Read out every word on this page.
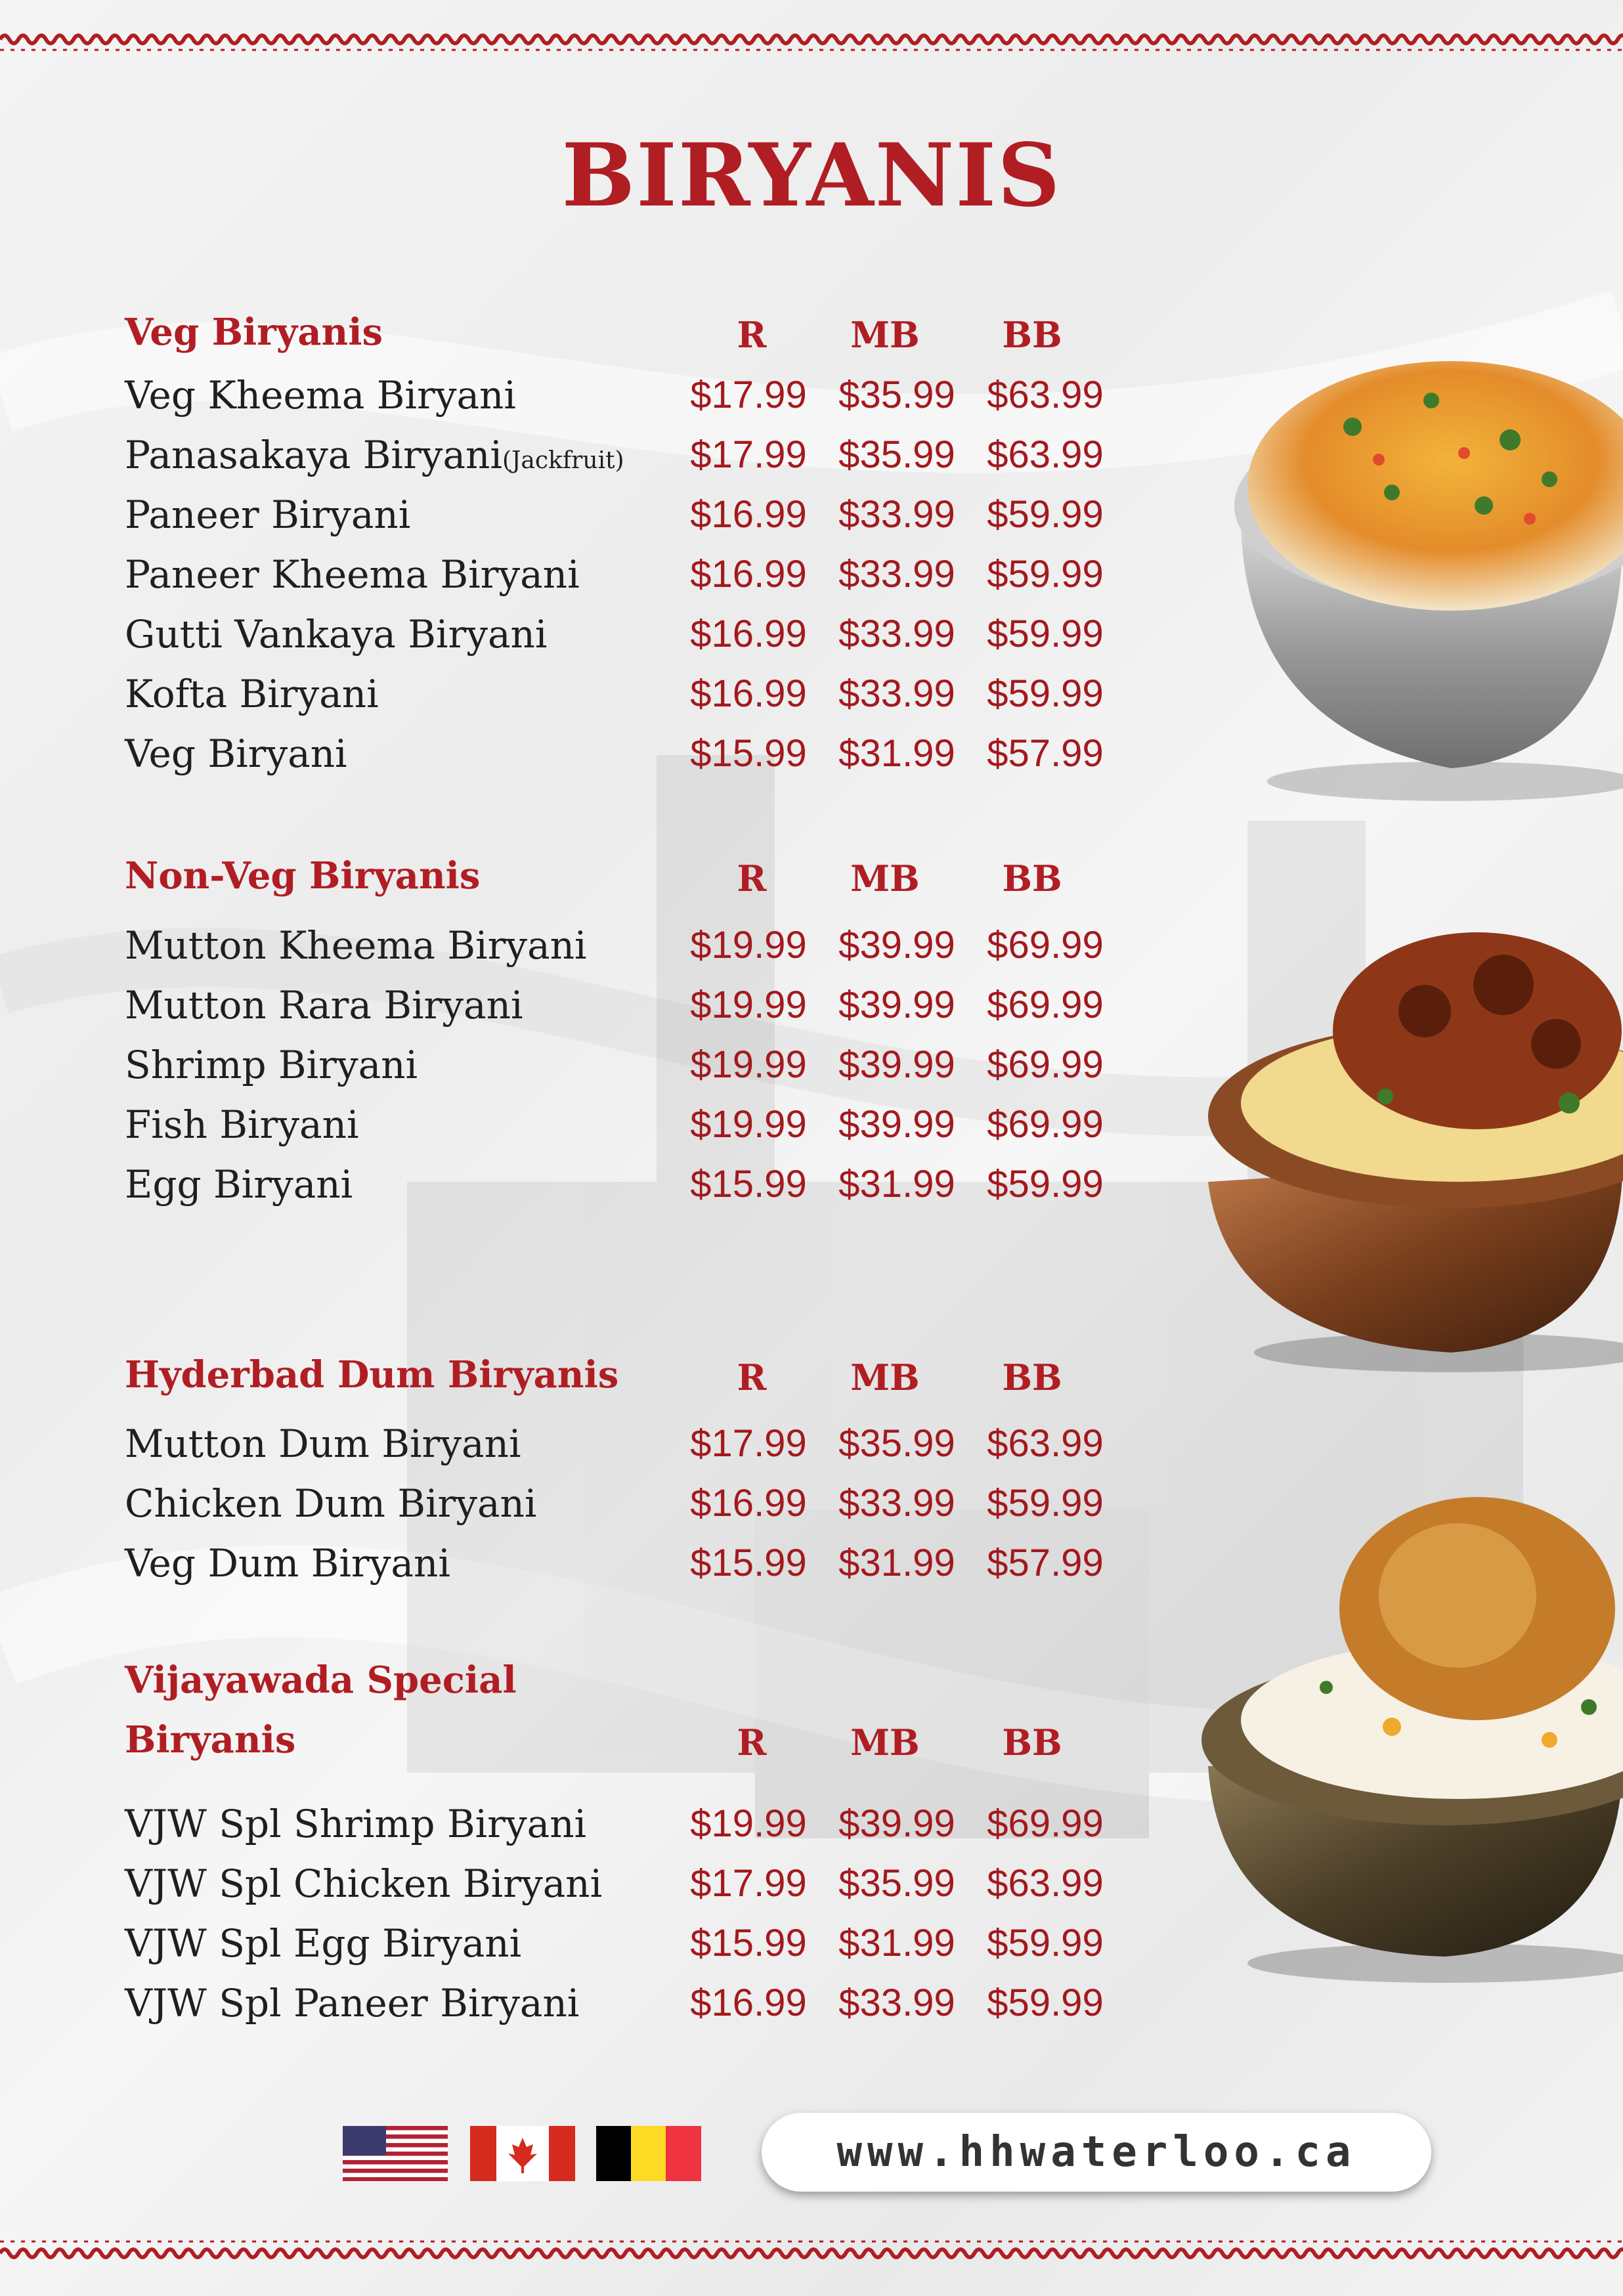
BIRYANIS
Veg Biryanis	R	MB	BB
Veg Kheema Biryani	$17.99 $35.99 $63.99
Panasakaya Biryani(Jackfruit)	$17.99 $35.99 $63.99
Paneer Biryani	$16.99 $33.99 $59.99
Paneer Kheema Biryani	$16.99 $33.99 $59.99
Gutti Vankaya Biryani	$16.99 $33.99 $59.99
Kofta Biryani	$16.99 $33.99 $59.99
Veg Biryani	$15.99 $31.99 $57.99
Non-Veg Biryanis	R	MB	BB
Mutton Kheema Biryani	$19.99 $39.99 $69.99
Mutton Rara Biryani	$19.99 $39.99 $69.99
Shrimp Biryani	$19.99 $39.99 $69.99
Fish Biryani	$19.99 $39.99 $69.99
Egg Biryani	$15.99 $31.99 $59.99
Hyderbad Dum Biryanis	R	MB	BB
Mutton Dum Biryani	$17.99 $35.99 $63.99
Chicken Dum Biryani	$16.99 $33.99 $59.99
Veg Dum Biryani	$15.99 $31.99 $57.99
Vijayawada Special
Biryanis	R	MB	BB
VJW Spl Shrimp Biryani	$19.99 $39.99 $69.99
VJW Spl Chicken Biryani	$17.99 $35.99 $63.99
VJW Spl Egg Biryani	$15.99 $31.99 $59.99
VJW Spl Paneer Biryani	$16.99 $33.99 $59.99
www.hhwaterloo.ca
